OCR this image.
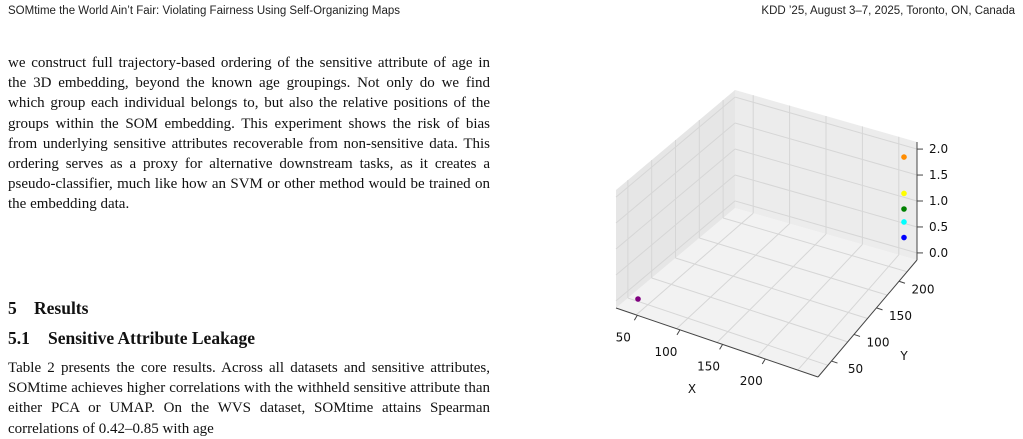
SOMtime the World Ain’t Fair: Violating Fairness Using Self-Organizing Maps	KDD ’25, August 3–7, 2025, Toronto, ON, Canada

we construct full trajectory-based ordering of the sensitive attribute of age in the 3D embedding, beyond the known age groupings. Not only do we find which group each individual belongs to, but also the relative positions of the groups within the SOM embedding. This experiment shows the risk of bias from underlying sensitive attributes recoverable from non-sensitive data. This ordering serves as a proxy for alternative downstream tasks, as it creates a pseudo-classifier, much like how an SVM or other method would be trained on the embedding data.

5 Results
5.1 Sensitive Attribute Leakage

Table 2 presents the core results. Across all datasets and sensitive attributes, SOMtime achieves higher correlations with the withheld sensitive attribute than either PCA or UMAP. On the WVS dataset, SOMtime attains Spearman correlations of 0.42–0.85 with age

50
100
150
200
50
100
150
200
0.0
0.5
1.0
1.5
2.0
X
Y
